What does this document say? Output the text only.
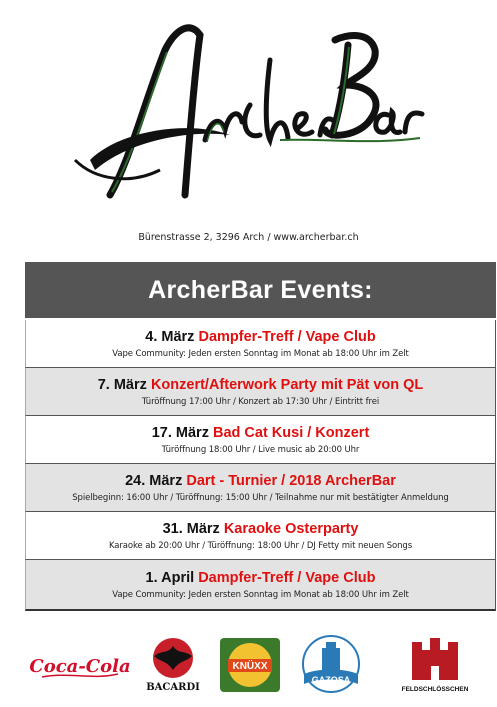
Bürenstrasse 2, 3296 Arch / www.archerbar.ch
ArcherBar Events:
4. März Dampfer-Treff / Vape Club
Vape Community: Jeden ersten Sonntag im Monat ab 18:00 Uhr im Zelt
7. März Konzert/Afterwork Party mit Pät von QL
Türöffnung 17:00 Uhr / Konzert ab 17:30 Uhr / Eintritt frei
17. März Bad Cat Kusi / Konzert
Türöffnung 18:00 Uhr / Live music ab 20:00 Uhr
24. März Dart - Turnier / 2018 ArcherBar
Spielbeginn: 16:00 Uhr / Türöffnung: 15:00 Uhr / Teilnahme nur mit bestätigter Anmeldung
31. März Karaoke Osterparty
Karaoke ab 20:00 Uhr / Türöffnung: 18:00 Uhr / DJ Fetty mit neuen Songs
1. April Dampfer-Treff / Vape Club
Vape Community: Jeden ersten Sonntag im Monat ab 18:00 Uhr im Zelt
Coca-Cola
BACARDI
KNÜXX
GAZOSA
FELDSCHLÖSSCHEN
